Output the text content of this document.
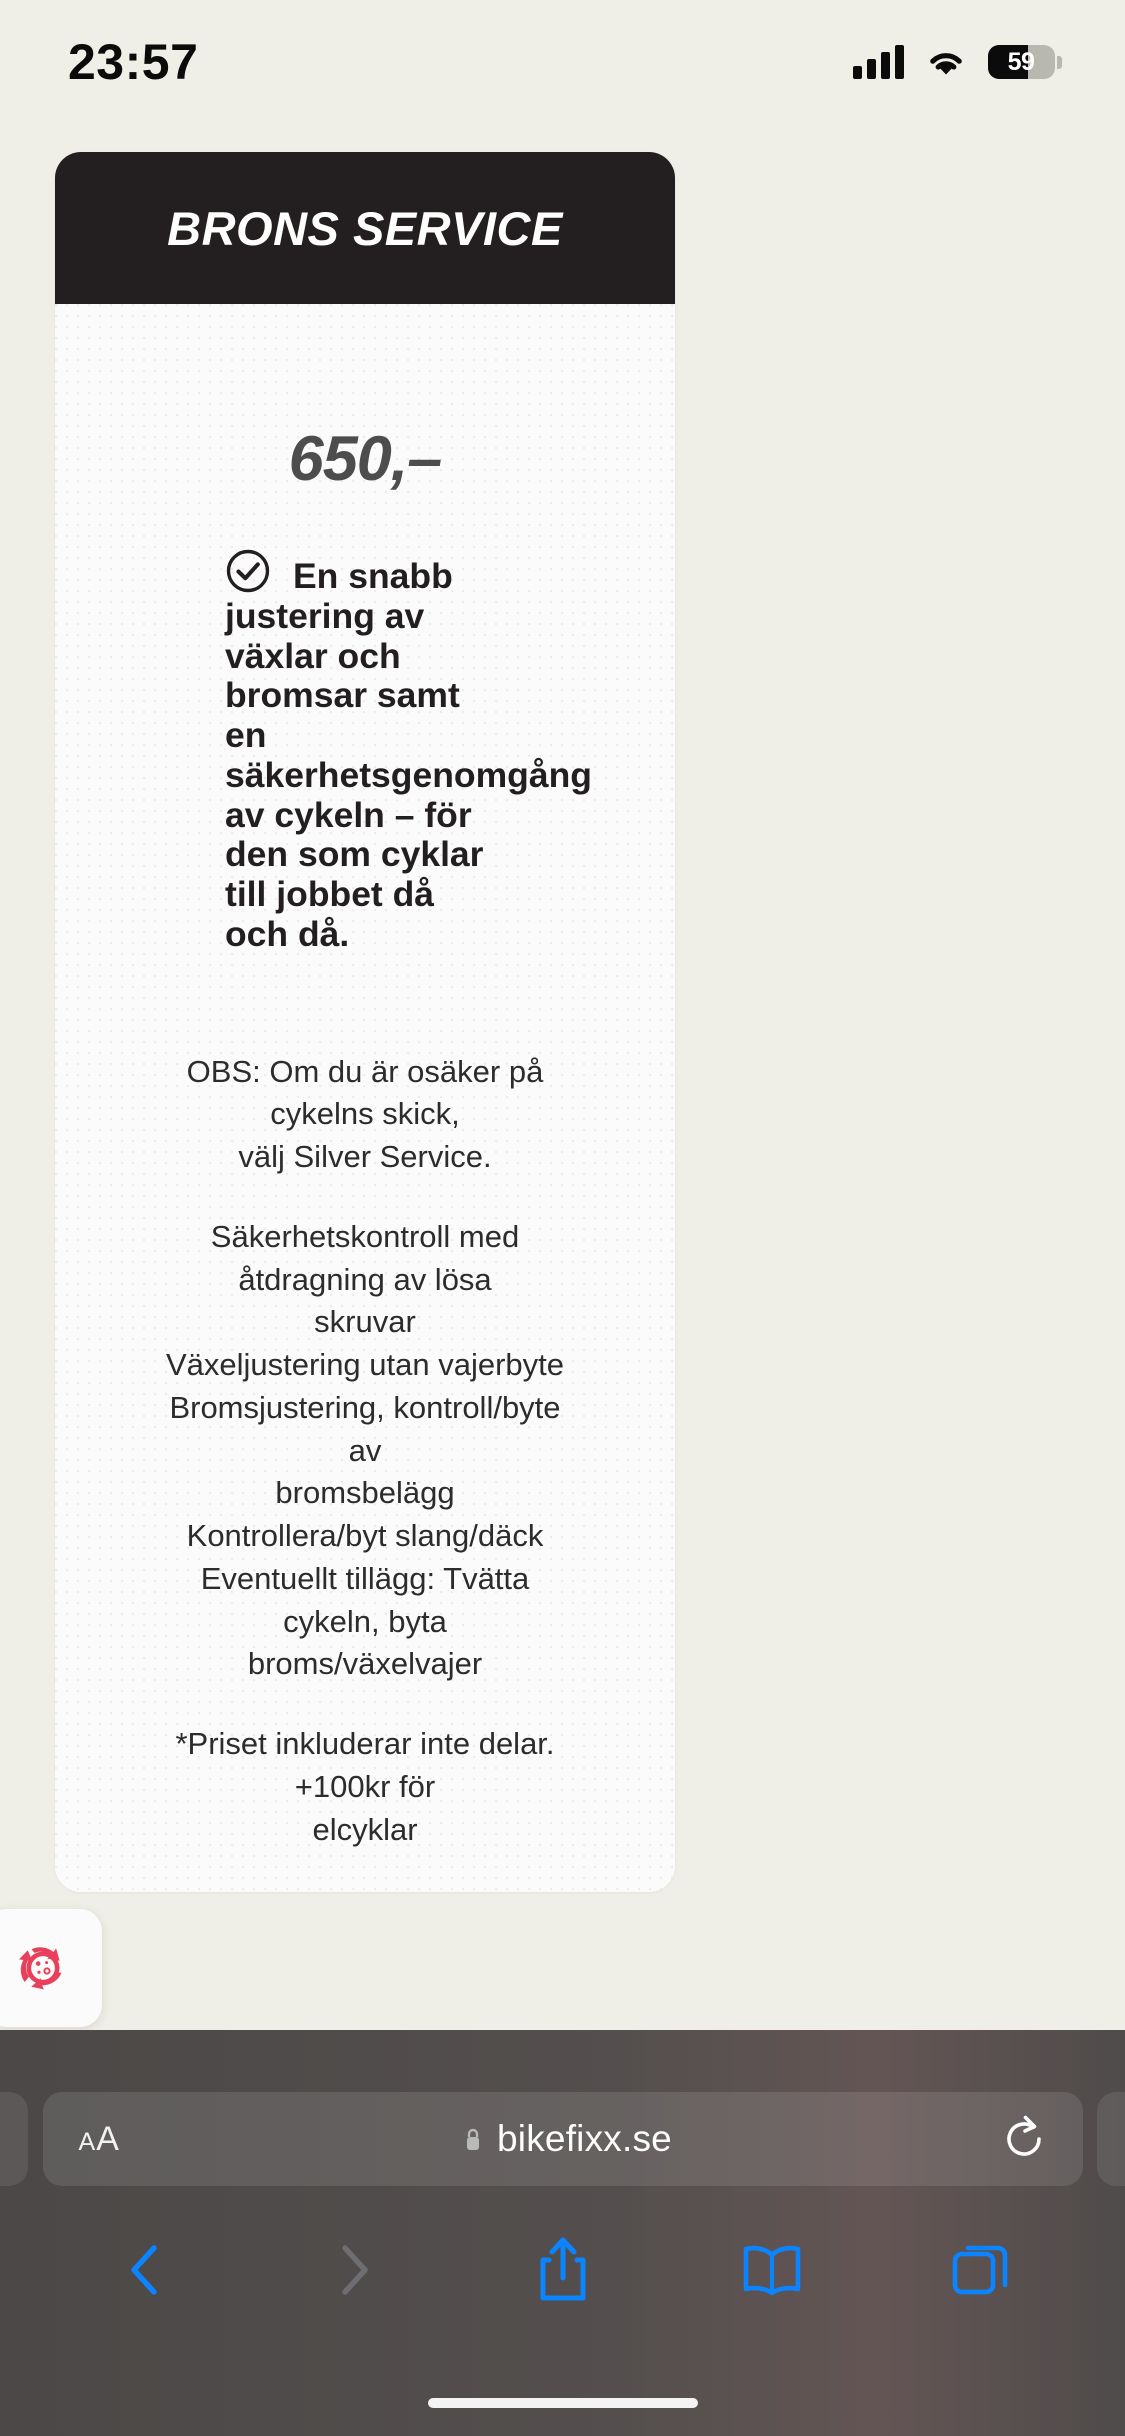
BRONS SERVICE
650,–
En snabb justering av växlar och bromsar samt en säkerhetsgenomgång av cykeln – för den som cyklar till jobbet då och då.
OBS: Om du är osäker på cykelns skick,
välj Silver Service.
Säkerhetskontroll med åtdragning av lösa
skruvar
Växeljustering utan vajerbyte
Bromsjustering, kontroll/byte av
bromsbelägg
Kontrollera/byt slang/däck
Eventuellt tillägg: Tvätta cykeln, byta
broms/växelvajer
*Priset inkluderar inte delar. +100kr för
elcyklar
23:57	59
A A	bikefixx.se
